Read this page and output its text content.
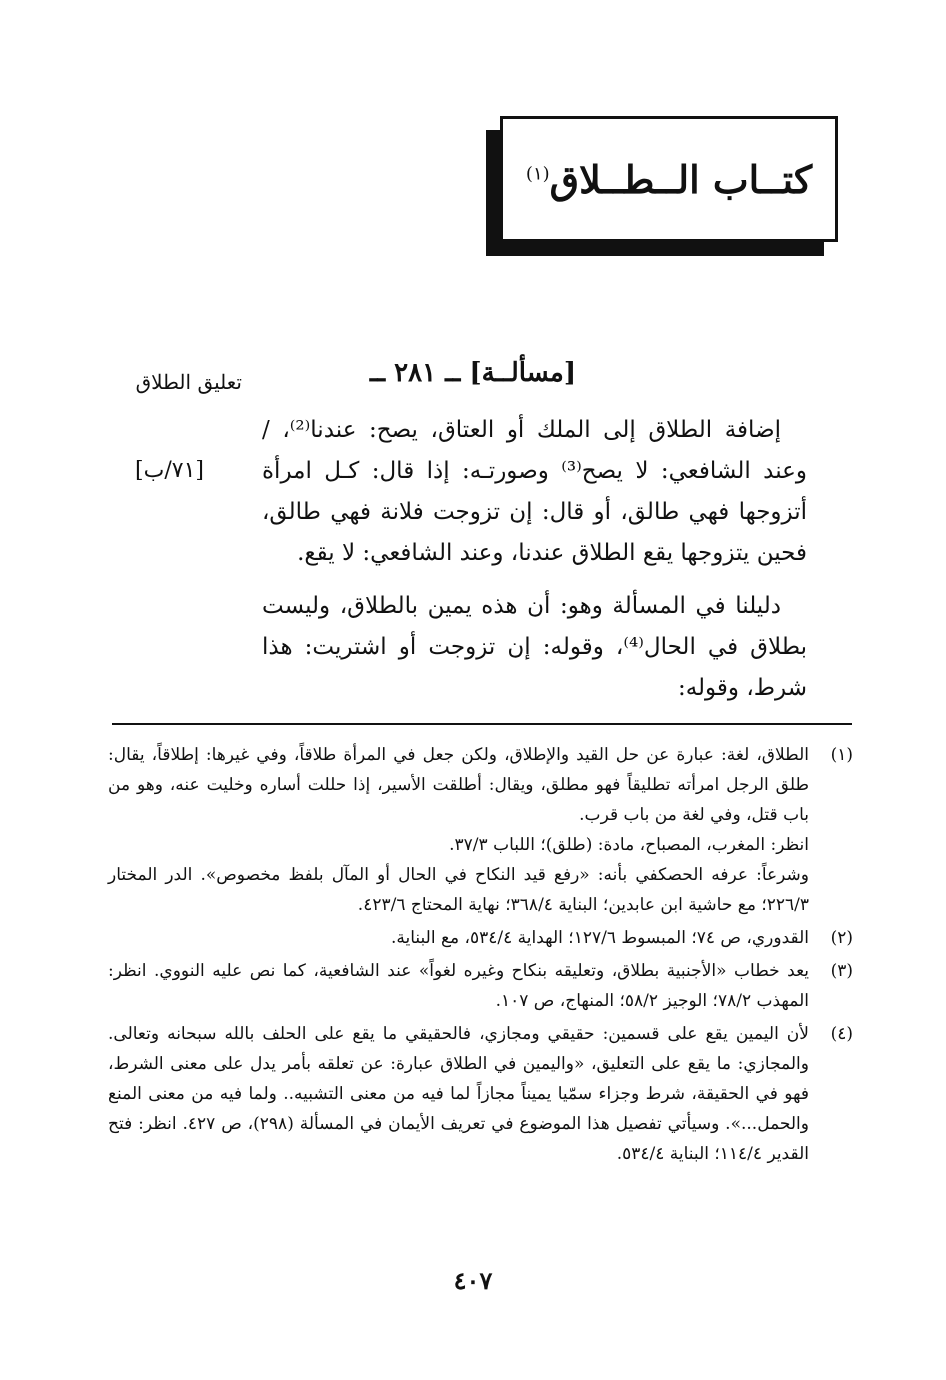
كتــاب الــطــلاق$^{(١)}$
تعليق الطلاق	[مسألــة] ــ ٢٨١ ــ
[٧١/ب]

إضافة الطلاق إلى الملك أو العتاق، يصح: عندنا⁽²⁾، / وعند الشافعي: لا يصح⁽³⁾ وصورتـه: إذا قال: كـل امرأة أتزوجها فهي طالق، أو قال: إن تزوجت فلانة فهي طالق، فحين يتزوجها يقع الطلاق عندنا، وعند الشافعي: لا يقع.

دليلنا في المسألة وهو: أن هذه يمين بالطلاق، وليست بطلاق في الحال⁽⁴⁾، وقوله: إن تزوجت أو اشتريت: هذا شرط، وقوله:

(١)
الطلاق، لغة: عبارة عن حل القيد والإطلاق، ولكن جعل في المرأة طلاقاً، وفي غيرها: إطلاقاً، يقال: طلق الرجل امرأته تطليقاً فهو مطلق، ويقال: أطلقت الأسير، إذا حللت أساره وخليت عنه، وهو من باب قتل، وفي لغة من باب قرب.
انظر: المغرب، المصباح، مادة: (طلق)؛ اللباب ٣٧/٣.
وشرعاً: عرفه الحصكفي بأنه: «رفع قيد النكاح في الحال أو المآل بلفظ مخصوص». الدر المختار ٢٢٦/٣؛ مع حاشية ابن عابدين؛ البناية ٣٦٨/٤؛ نهاية المحتاج ٤٢٣/٦.
(٢)
القدوري، ص ٧٤؛ المبسوط ١٢٧/٦؛ الهداية ٥٣٤/٤، مع البناية.
(٣)
يعد خطاب «الأجنبية بطلاق، وتعليقه بنكاح وغيره لغواً» عند الشافعية، كما نص عليه النووي. انظر: المهذب ٧٨/٢؛ الوجيز ٥٨/٢؛ المنهاج، ص ١٠٧.
(٤)
لأن اليمين يقع على قسمين: حقيقي ومجازي، فالحقيقي ما يقع على الحلف بالله سبحانه وتعالى. والمجازي: ما يقع على التعليق، «واليمين في الطلاق عبارة: عن تعلقه بأمر يدل على معنى الشرط، فهو في الحقيقة، شرط وجزاء سمّيا يميناً مجازاً لما فيه من معنى التشبيه.. ولما فيه من معنى المنع والحمل...». وسيأتي تفصيل هذا الموضوع في تعريف الأيمان في المسألة (٢٩٨)، ص ٤٢٧. انظر: فتح القدير ١١٤/٤؛ البناية ٥٣٤/٤.
٤٠٧
